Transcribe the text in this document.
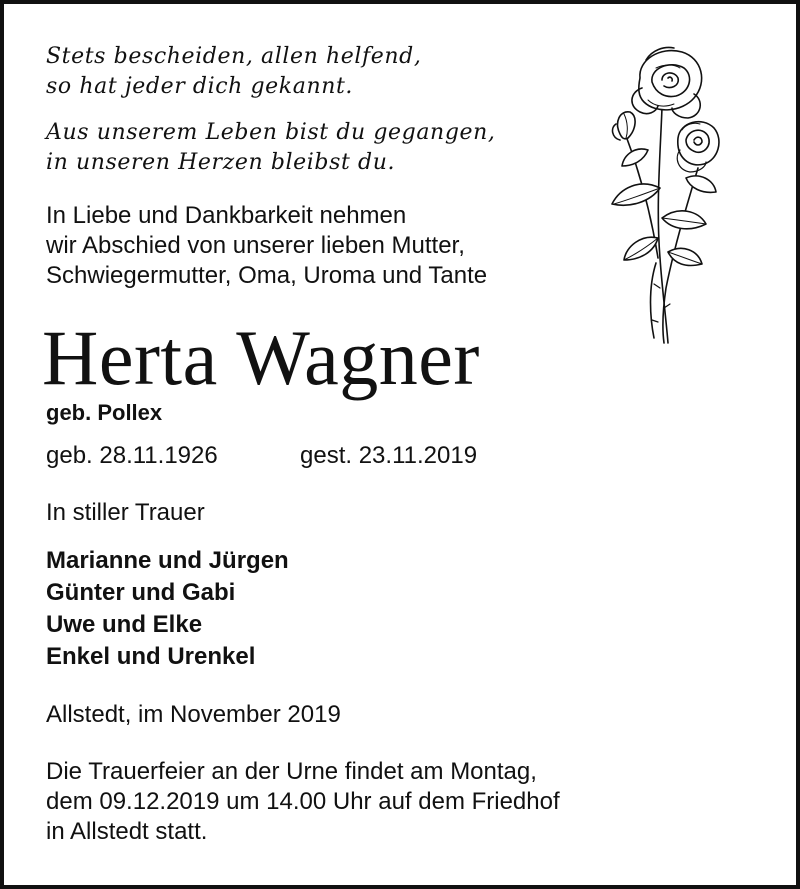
Stets bescheiden, allen helfend,

so hat jeder dich gekannt.

Aus unserem Leben bist du gegangen,

in unseren Herzen bleibst du.

In Liebe und Dankbarkeit nehmen

wir Abschied von unserer lieben Mutter,

Schwiegermutter, Oma, Uroma und Tante

Herta Wagner

geb. Pollex

geb. 28.11.1926	gest. 23.11.2019

In stiller Trauer

Marianne und Jürgen

Günter und Gabi

Uwe und Elke

Enkel und Urenkel

Allstedt, im November 2019

Die Trauerfeier an der Urne findet am Montag,

dem 09.12.2019 um 14.00 Uhr auf dem Friedhof

in Allstedt statt.
